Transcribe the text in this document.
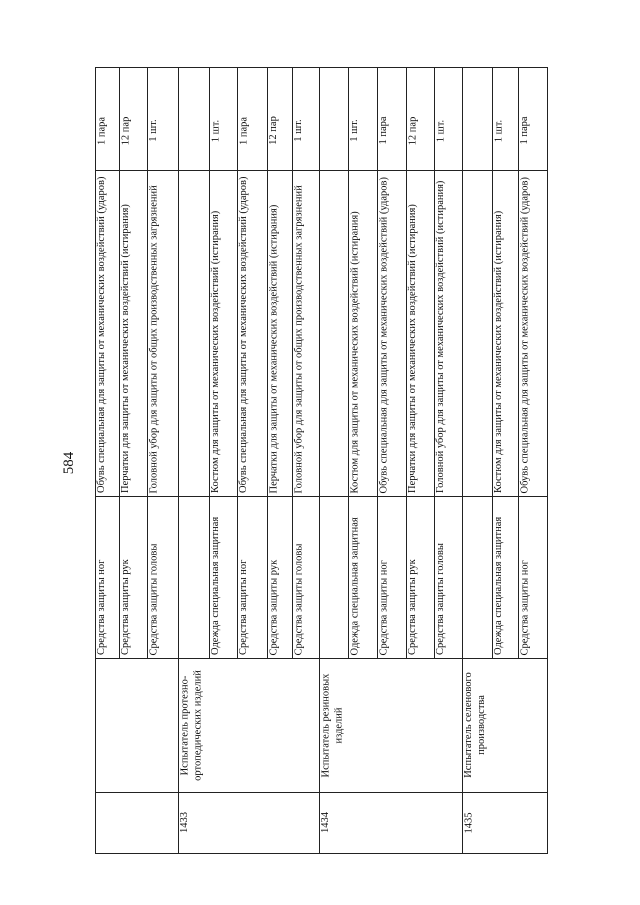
584
Средства защиты ног
Обувь специальная для защиты от механических воздействий (ударов)
1 пара
Средства защиты рук
Перчатки для защиты от механических воздействий (истирания)
12 пар
Средства защиты головы
Головной убор для защиты от общих производственных загрязнений
1 шт.
1433
Испытатель протезно-ортопедических изделий
Одежда специальная защитная
Костюм для защиты от механических воздействий (истирания)
1 шт.
Средства защиты ног
Обувь специальная для защиты от механических воздействий (ударов)
1 пара
Средства защиты рук
Перчатки для защиты от механических воздействий (истирания)
12 пар
Средства защиты головы
Головной убор для защиты от общих производственных загрязнений
1 шт.
1434
Испытатель резиновых изделий
Одежда специальная защитная
Костюм для защиты от механических воздействий (истирания)
1 шт.
Средства защиты ног
Обувь специальная для защиты от механических воздействий (ударов)
1 пара
Средства защиты рук
Перчатки для защиты от механических воздействий (истирания)
12 пар
Средства защиты головы
Головной убор для защиты от механических воздействий (истирания)
1 шт.
1435
Испытатель селенового производства
Одежда специальная защитная
Костюм для защиты от механических воздействий (истирания)
1 шт.
Средства защиты ног
Обувь специальная для защиты от механических воздействий (ударов)
1 пара
